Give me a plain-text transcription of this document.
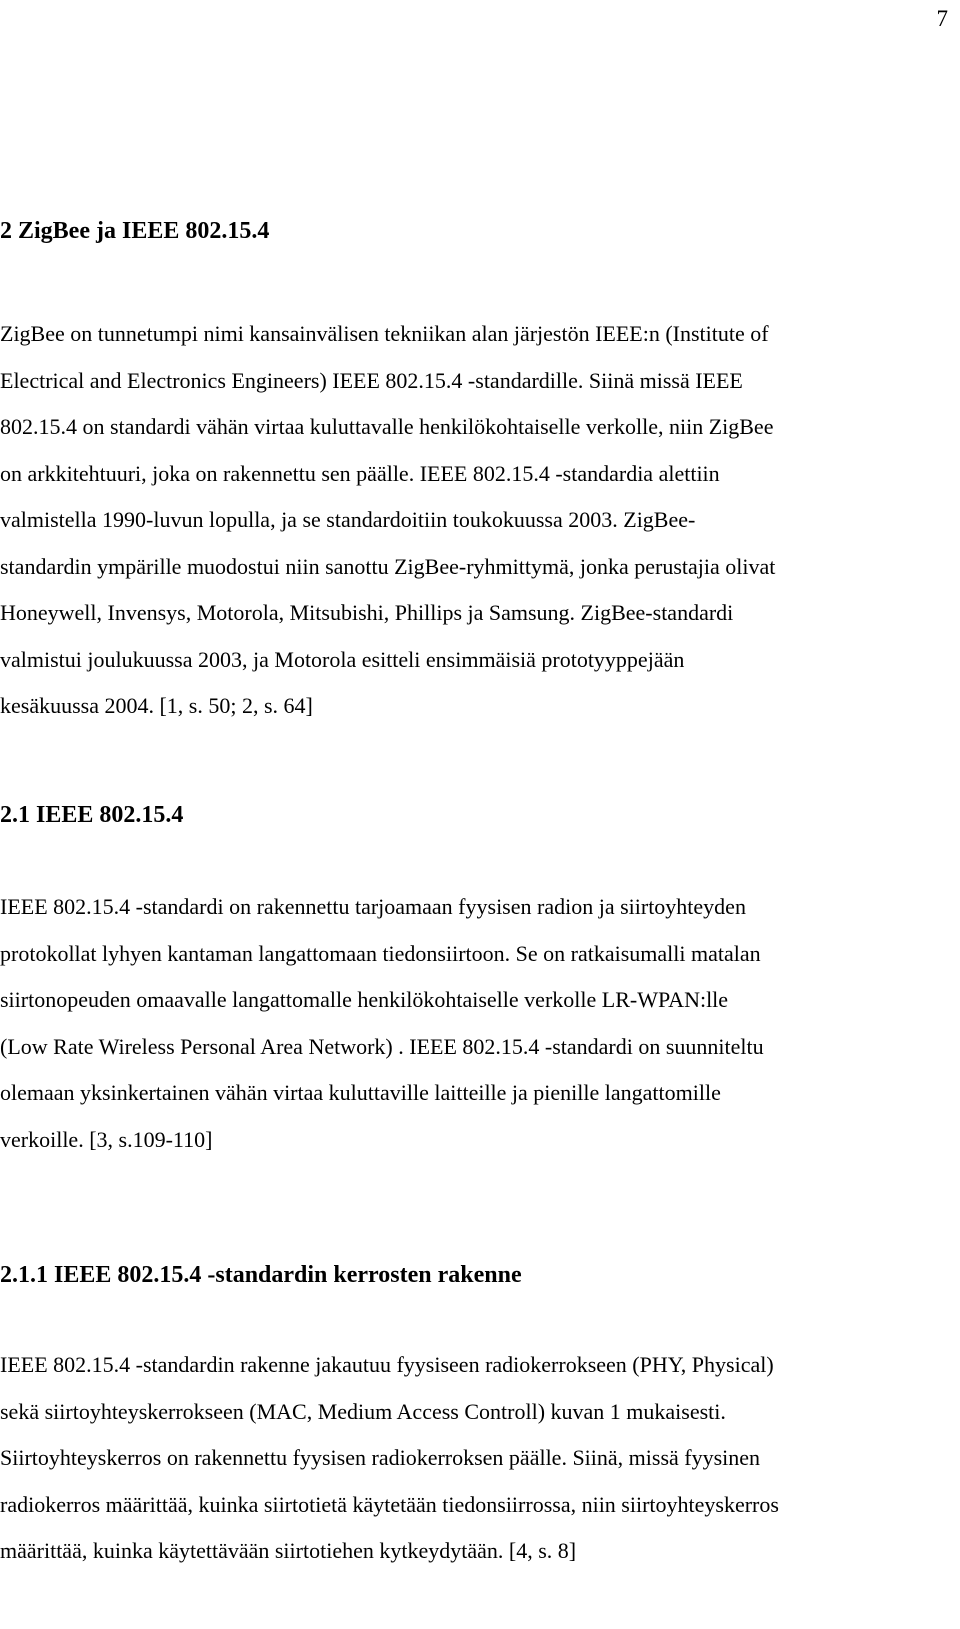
7
2 ZigBee ja IEEE 802.15.4
ZigBee on tunnetumpi nimi kansainvälisen tekniikan alan järjestön IEEE:n (Institute of
Electrical and Electronics Engineers) IEEE 802.15.4 -standardille. Siinä missä IEEE
802.15.4 on standardi vähän virtaa kuluttavalle henkilökohtaiselle verkolle, niin ZigBee
on arkkitehtuuri, joka on rakennettu sen päälle. IEEE 802.15.4 -standardia alettiin
valmistella 1990-luvun lopulla, ja se standardoitiin toukokuussa 2003. ZigBee-
standardin ympärille muodostui niin sanottu ZigBee-ryhmittymä, jonka perustajia olivat
Honeywell, Invensys, Motorola, Mitsubishi, Phillips ja Samsung. ZigBee-standardi
valmistui joulukuussa 2003, ja Motorola esitteli ensimmäisiä prototyyppejään
kesäkuussa 2004. [1, s. 50; 2, s. 64]
2.1 IEEE 802.15.4
IEEE 802.15.4 -standardi on rakennettu tarjoamaan fyysisen radion ja siirtoyhteyden
protokollat lyhyen kantaman langattomaan tiedonsiirtoon. Se on ratkaisumalli matalan
siirtonopeuden omaavalle langattomalle henkilökohtaiselle verkolle LR-WPAN:lle
(Low Rate Wireless Personal Area Network) . IEEE 802.15.4 -standardi on suunniteltu
olemaan yksinkertainen vähän virtaa kuluttaville laitteille ja pienille langattomille
verkoille. [3, s.109-110]
2.1.1 IEEE 802.15.4 -standardin kerrosten rakenne
IEEE 802.15.4 -standardin rakenne jakautuu fyysiseen radiokerrokseen (PHY, Physical)
sekä siirtoyhteyskerrokseen (MAC, Medium Access Controll) kuvan 1 mukaisesti.
Siirtoyhteyskerros on rakennettu fyysisen radiokerroksen päälle. Siinä, missä fyysinen
radiokerros määrittää, kuinka siirtotietä käytetään tiedonsiirrossa, niin siirtoyhteyskerros
määrittää, kuinka käytettävään siirtotiehen kytkeydytään. [4, s. 8]
